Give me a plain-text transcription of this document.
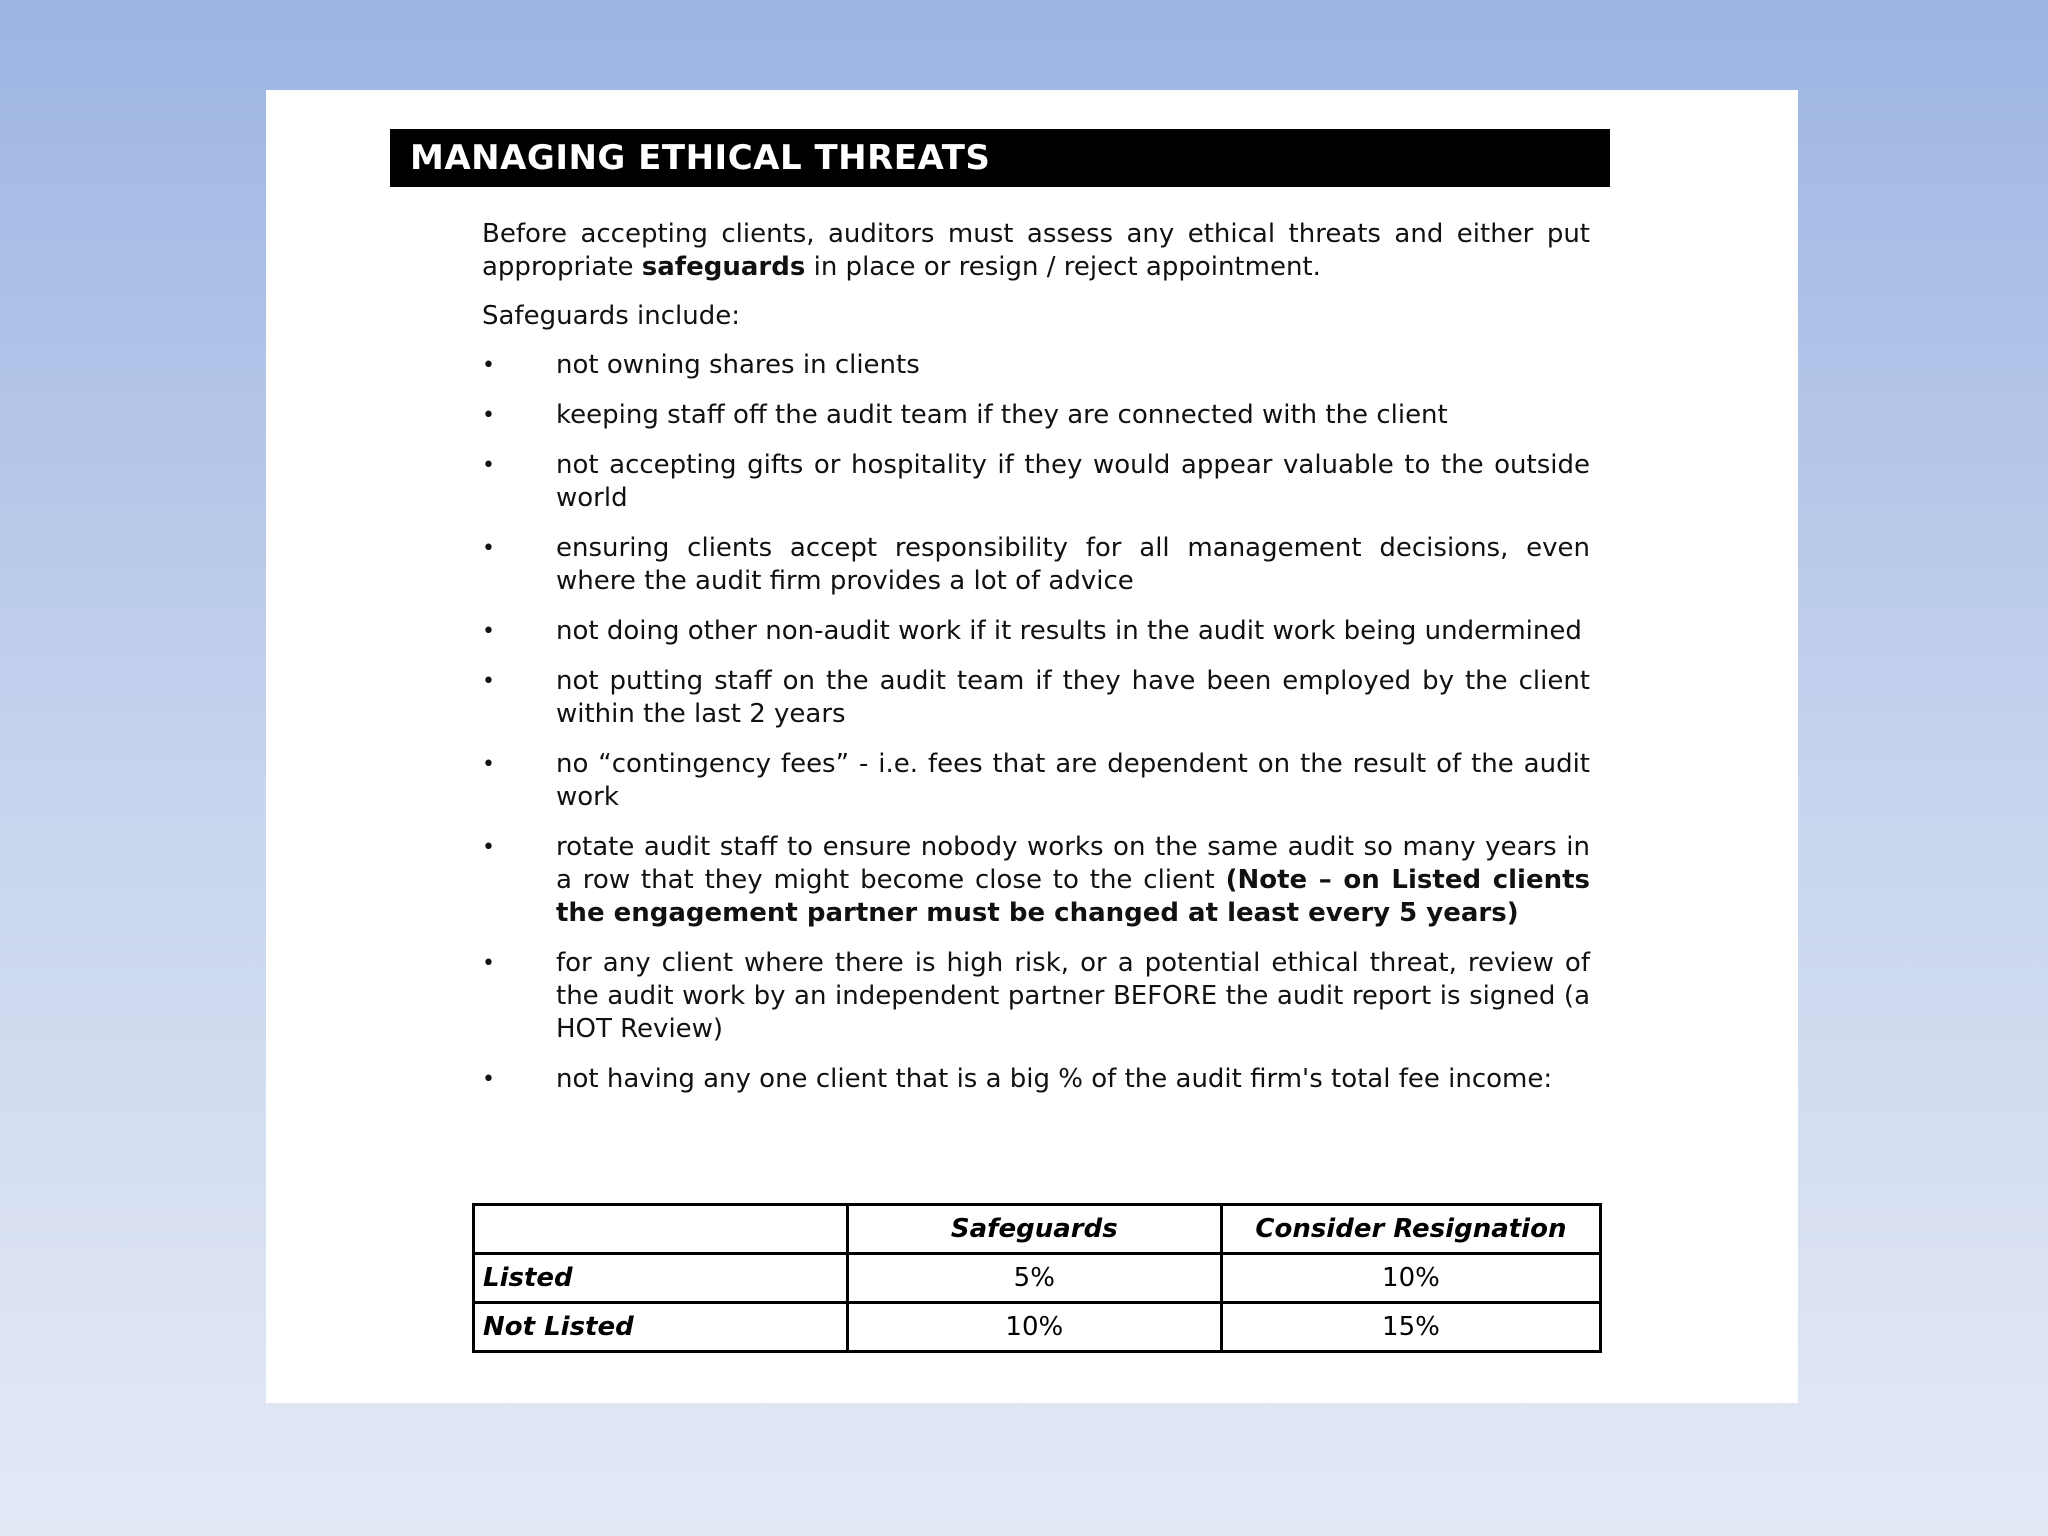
MANAGING ETHICAL THREATS

Before accepting clients, auditors must assess any ethical threats and either put appropriate safeguards in place or resign / reject appointment.

Safeguards include:

• not owning shares in clients
• keeping staff off the audit team if they are connected with the client
• not accepting gifts or hospitality if they would appear valuable to the outside world
• ensuring clients accept responsibility for all management decisions, even where the audit firm provides a lot of advice
• not doing other non-audit work if it results in the audit work being undermined
• not putting staff on the audit team if they have been employed by the client within the last 2 years
• no “contingency fees” - i.e. fees that are dependent on the result of the audit work
• rotate audit staff to ensure nobody works on the same audit so many years in a row that they might become close to the client (Note – on Listed clients the engagement partner must be changed at least every 5 years)
• for any client where there is high risk, or a potential ethical threat, review of the audit work by an independent partner BEFORE the audit report is signed (a HOT Review)
• not having any one client that is a big % of the audit firm's total fee income:
	Safeguards	Consider Resignation
Listed	5%	10%
Not Listed	10%	15%
